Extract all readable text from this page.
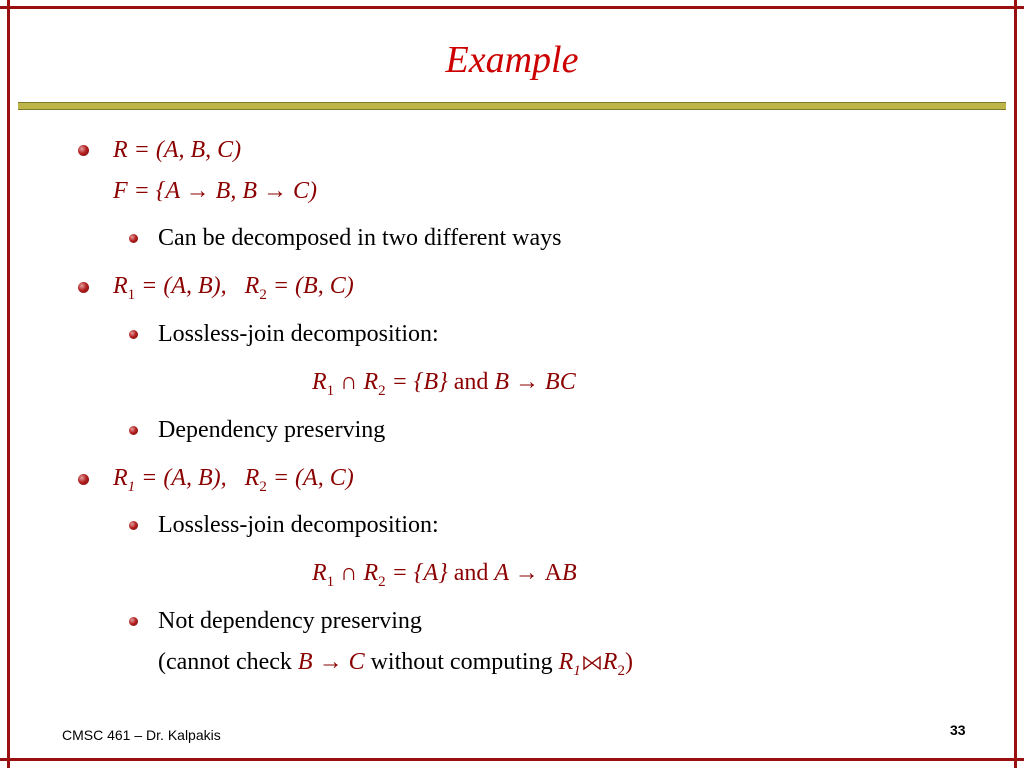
Example
R = (A, B, C)
F = {A → B, B → C)
Can be decomposed in two different ways
$R_1 = (A$, B), $R_2 = (B$, C)
Lossless-join decomposition:
$R_1$ ∩ $R_2 = \{B\}$ and B → BC
Dependency preserving
$R_1 = (A$, B), $R_2 = (A$, C)
Lossless-join decomposition:
$R_1$ ∩ $R_2 = \{A\}$ and A → AB
Not dependency preserving
(cannot check B → C without computing $R_1$ $R_2$)
CMSC 461 – Dr. Kalpakis	33
